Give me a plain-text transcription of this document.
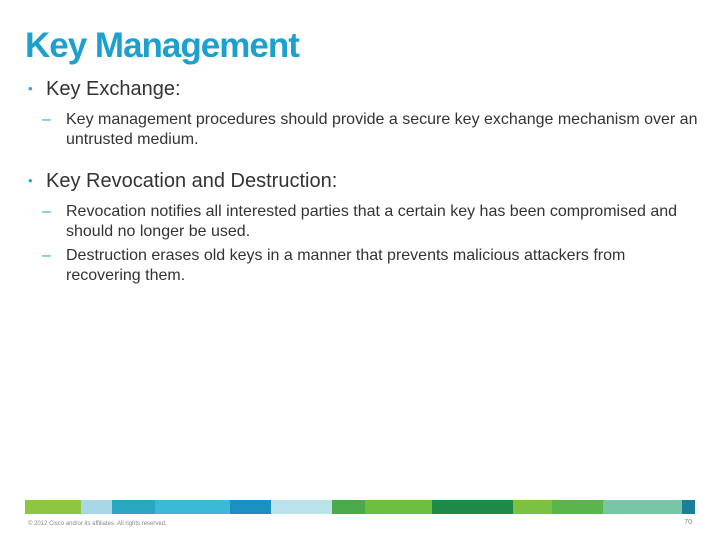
Key Management
• Key Exchange:
– Key management procedures should provide a secure key exchange mechanism over an untrusted medium.
• Key Revocation and Destruction:
– Revocation notifies all interested parties that a certain key has been compromised and should no longer be used.
– Destruction erases old keys in a manner that prevents malicious attackers from recovering them.
© 2012 Cisco and/or its affiliates. All rights reserved.	70
